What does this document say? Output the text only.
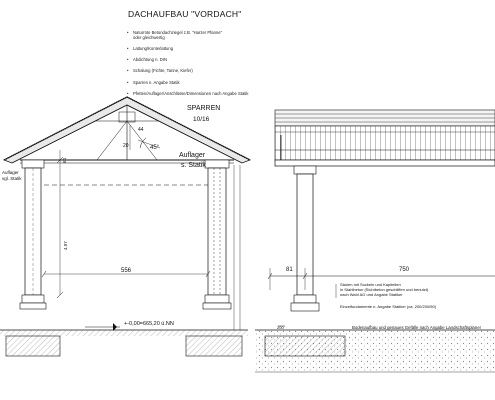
DACHAUFBAU "VORDACH"
• Naturrote Betondachziegel z.B. "Harzer Pfanne"
oder gleichwertig
• Lattung/Konterlattung
• Abdichtung n. DIN
• Schalung (Fichte, Tanne, Kiefer)
• Sparren n. Angabe Statik
• Pfetten/Auflager/Anschlüsse/Dimensionen nach Angabe Statik
SPARREN
10/16
44
20	45°
Auflager
s. Statik
Auflager
vgl. Statik
64
4.97
556
+-0,00=665,20 ü.NN
81	750
Säulen mit Sockeln und Kapitellen
in Stahlbeton (Sichtbeton geschliffen und benutzt)
nach Wahl AG und Angabe Statiker
Einzelfundamente n. Angabe Statiker (ca. 200/200/50)
Bodenaufbau und genaues Gefälle nach Angabe Landschaftsplaner
200
